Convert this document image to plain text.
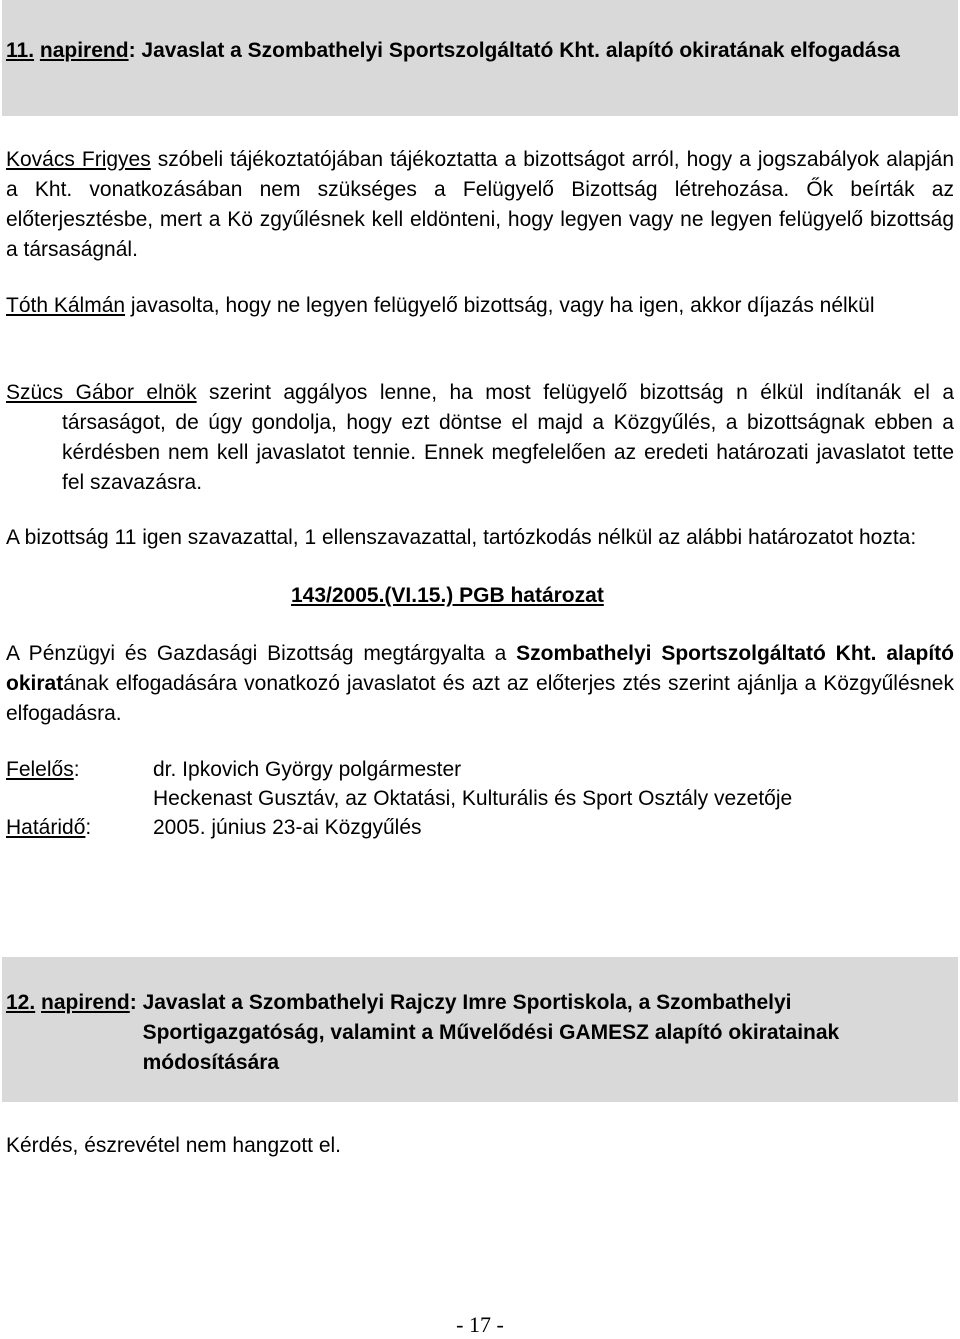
11. napirend: Javaslat a Szombathelyi Sportszolgáltató Kht. alapító okiratának elfogadása
Kovács Frigyes szóbeli tájékoztatójában tájékoztatta a bizottságot arról, hogy a jogszabályok alapján a Kht. vonatkozásában nem szükséges a Felügyelő Bizottság létrehozása. Ők beírták az előterjesztésbe, mert a Kö zgyűlésnek kell eldönteni, hogy legyen vagy ne legyen felügyelő bizottság a társaságnál.
Tóth Kálmán javasolta, hogy ne legyen felügyelő bizottság, vagy ha igen, akkor díjazás nélkül
Szücs Gábor elnök szerint aggályos lenne, ha most felügyelő bizottság n élkül indítanák el a társaságot, de úgy gondolja, hogy ezt döntse el majd a Közgyűlés, a bizottságnak ebben a kérdésben nem kell javaslatot tennie. Ennek megfelelően az eredeti határozati javaslatot tette fel szavazásra.
A bizottság 11 igen szavazattal, 1 ellenszavazattal, tartózkodás nélkül az alábbi határozatot hozta:
143/2005.(VI.15.) PGB határozat
A Pénzügyi és Gazdasági Bizottság megtárgyalta a Szombathelyi Sportszolgáltató Kht. alapító okiratának elfogadására vonatkozó javaslatot és azt az előterjes ztés szerint ajánlja a Közgyűlésnek elfogadásra.
Felelős:	dr. Ipkovich György polgármester
Heckenast Gusztáv, az Oktatási, Kulturális és Sport Osztály vezetője
Határidő:	2005. június 23-ai Közgyűlés
12. napirend: Javaslat a Szombathelyi Rajczy Imre Sportiskola, a Szombathelyi Sportigazgatóság, valamint a Művelődési GAMESZ alapító okiratainak módosítására
Kérdés, észrevétel nem hangzott el.
- 17 -
